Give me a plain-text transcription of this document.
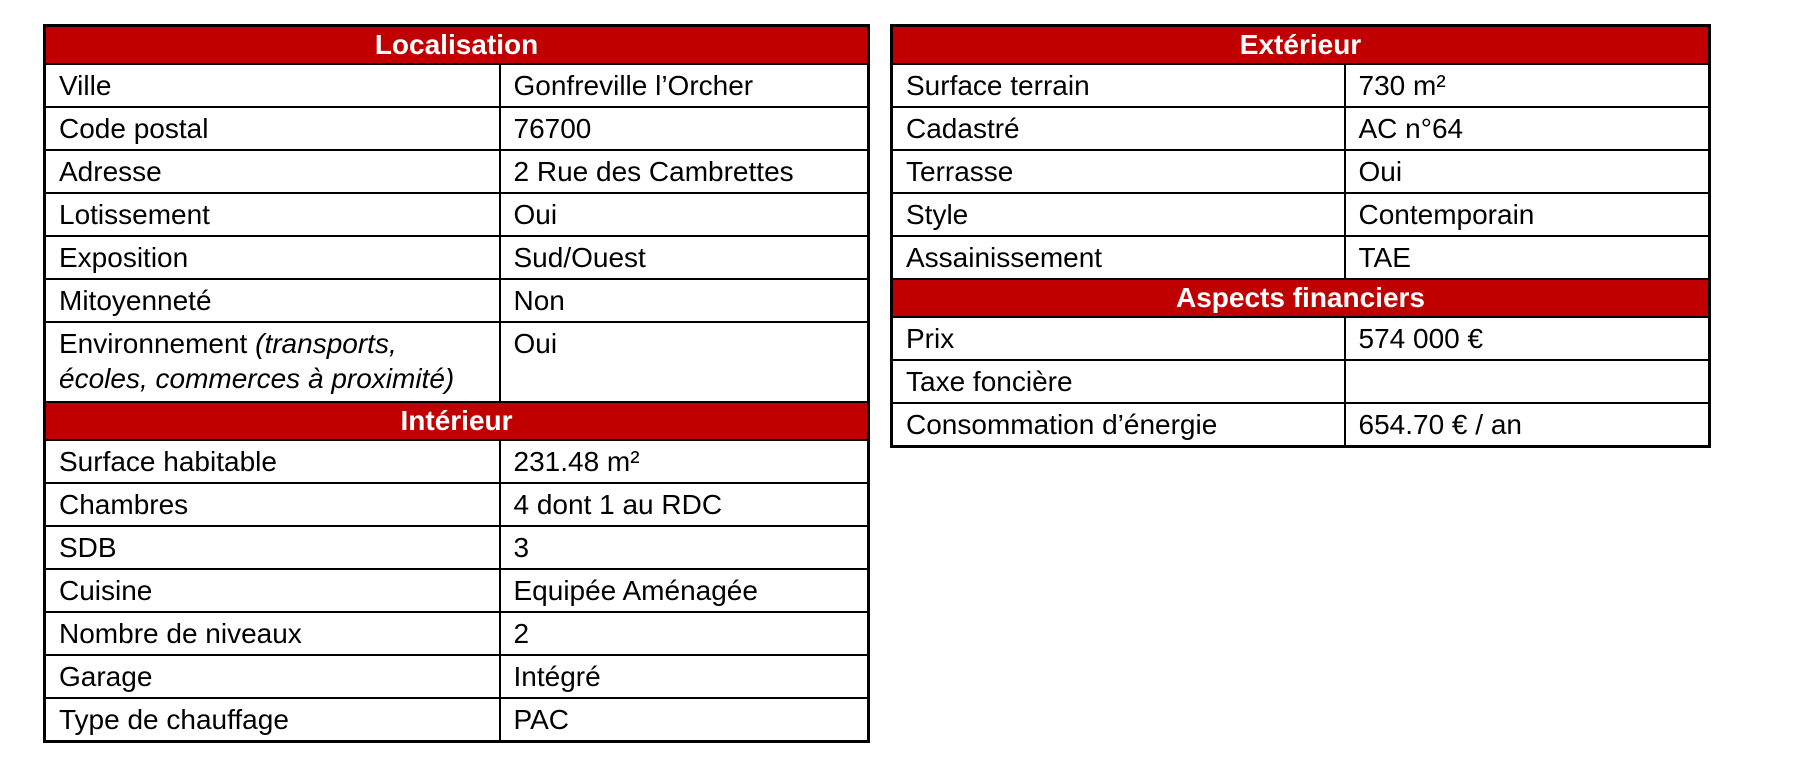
Localisation	
Ville	Gonfreville l’Orcher
Code postal	76700
Adresse	2 Rue des Cambrettes
Lotissement	Oui
Exposition	Sud/Ouest
Mitoyenneté	Non
Environnement (transports, écoles, commerces à proximité)	Oui
Intérieur	
Surface habitable	231.48 m²
Chambres	4 dont 1 au RDC
SDB	3
Cuisine	Equipée Aménagée
Nombre de niveaux	2
Garage	Intégré
Type de chauffage	PAC
Extérieur	
Surface terrain	730 m²
Cadastré	AC n°64
Terrasse	Oui
Style	Contemporain
Assainissement	TAE
Aspects financiers	
Prix	574 000 €
Taxe foncière	
Consommation d’énergie	654.70 € / an
